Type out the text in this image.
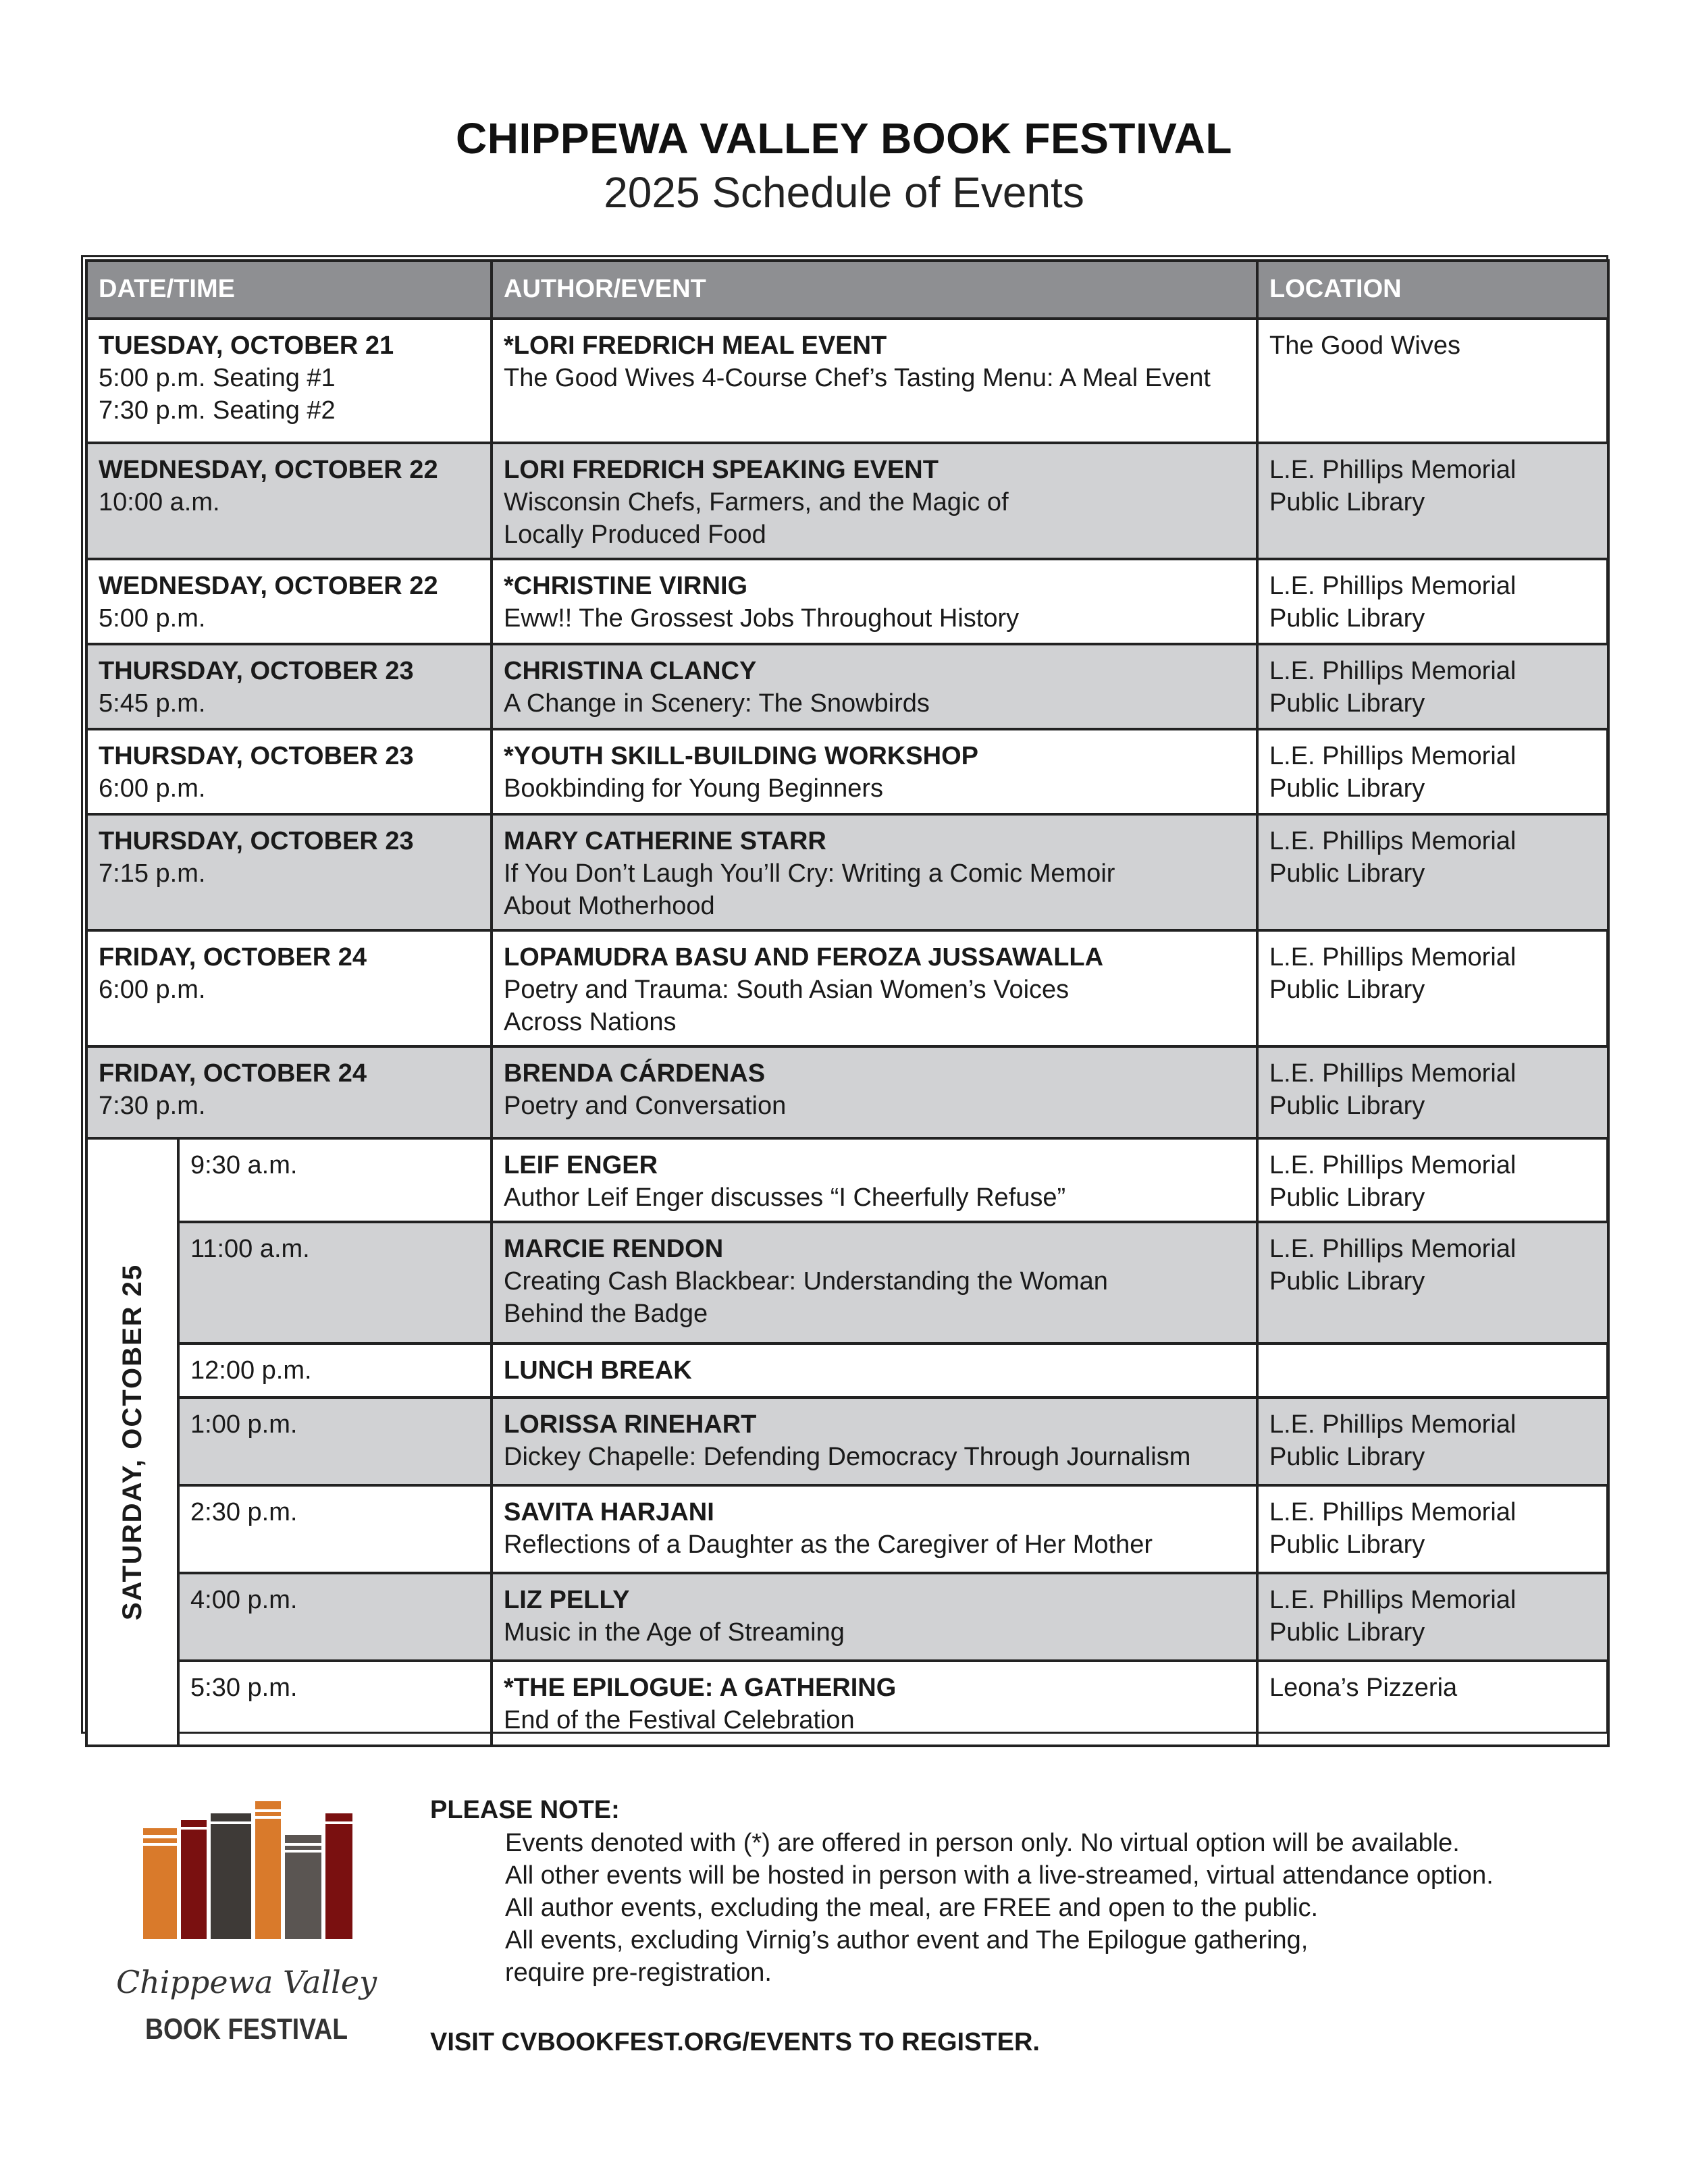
CHIPPEWA VALLEY BOOK FESTIVAL
2025 Schedule of Events
DATE/TIME		AUTHOR/EVENT	LOCATION

TUESDAY, OCTOBER 21
5:00 p.m. Seating #1
7:30 p.m. Seating #2		*LORI FREDRICH MEAL EVENT
The Good Wives 4-Course Chef’s Tasting Menu: A Meal Event	The Good Wives

WEDNESDAY, OCTOBER 22
10:00 a.m.		LORI FREDRICH SPEAKING EVENT
Wisconsin Chefs, Farmers, and the Magic of
Locally Produced Food	L.E. Phillips Memorial
Public Library

WEDNESDAY, OCTOBER 22
5:00 p.m.		*CHRISTINE VIRNIG
Eww!! The Grossest Jobs Throughout History	L.E. Phillips Memorial
Public Library

THURSDAY, OCTOBER 23
5:45 p.m.		CHRISTINA CLANCY
A Change in Scenery: The Snowbirds	L.E. Phillips Memorial
Public Library

THURSDAY, OCTOBER 23
6:00 p.m.		*YOUTH SKILL-BUILDING WORKSHOP
Bookbinding for Young Beginners	L.E. Phillips Memorial
Public Library

THURSDAY, OCTOBER 23
7:15 p.m.		MARY CATHERINE STARR
If You Don’t Laugh You’ll Cry: Writing a Comic Memoir
About Motherhood	L.E. Phillips Memorial
Public Library

FRIDAY, OCTOBER 24
6:00 p.m.		LOPAMUDRA BASU AND FEROZA JUSSAWALLA
Poetry and Trauma: South Asian Women’s Voices
Across Nations	L.E. Phillips Memorial
Public Library

FRIDAY, OCTOBER 24
7:30 p.m.		BRENDA CÁRDENAS
Poetry and Conversation	L.E. Phillips Memorial
Public Library

SATURDAY, OCTOBER 25	9:30 a.m.	LEIF ENGER
Author Leif Enger discusses “I Cheerfully Refuse”	L.E. Phillips Memorial
Public Library

	11:00 a.m.	MARCIE RENDON
Creating Cash Blackbear: Understanding the Woman
Behind the Badge	L.E. Phillips Memorial
Public Library

	12:00 p.m.	LUNCH BREAK	

	1:00 p.m.	LORISSA RINEHART
Dickey Chapelle: Defending Democracy Through Journalism	L.E. Phillips Memorial
Public Library

	2:30 p.m.	SAVITA HARJANI
Reflections of a Daughter as the Caregiver of Her Mother	L.E. Phillips Memorial
Public Library

	4:00 p.m.	LIZ PELLY
Music in the Age of Streaming	L.E. Phillips Memorial
Public Library

	5:30 p.m.	*THE EPILOGUE: A GATHERING
End of the Festival Celebration	Leona’s Pizzeria
Chippewa Valley
BOOK FESTIVAL
PLEASE NOTE:
Events denoted with (*) are offered in person only. No virtual option will be available.
All other events will be hosted in person with a live-streamed, virtual attendance option.
All author events, excluding the meal, are FREE and open to the public.
All events, excluding Virnig’s author event and The Epilogue gathering,
require pre-registration.
VISIT CVBOOKFEST.ORG/EVENTS TO REGISTER.
